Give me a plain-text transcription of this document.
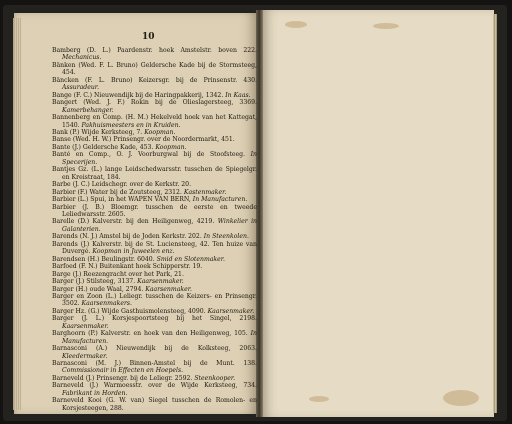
10
Bamberg (D. L.) Paardenstr. hoek Amstelstr. boven 222. Mechanicus.
Bänken (Wed. F. L. Bruno) Geldersche Kade bij de Stormsteeg, 454.
Bäncken (F. L. Bruno) Keizersgr. bij de Prinsenstr. 430. Assuradeur.
Bange (F. C.) Nieuwendijk bij de Haringpakkerij, 1342. In Kaas.
Bangert (Wed. J. F.) Rokin bij de Olieslagersteeg, 3369. Kamerbehanger.
Bannenberg en Comp. (H. M.) Hekelveld hoek van het Kattegat, 1540. Pakhuismeesters en in Kruiden.
Bank (P.) Wijde Kerksteeg, 7. Koopman.
Banse (Wed. H. W.) Prinsengr. over de Noordermarkt, 451.
Bante (J.) Geldersche Kade, 453. Koopman.
Banté en Comp., O. J. Voorburgwal bij de Stoofsteeg. In Specerijen.
Bantjes Gz. (L.) lange Leidschedwarsstr. tusschen de Spiegelgr. en Kreistraat, 184.
Barbe (J. C.) Leidschegr. over de Kerkstr. 20.
Barbier (F.) Water bij de Zoutsteeg, 2312. Kastenmaker.
Barbier (L.) Spui, in het WAPEN VAN BERN, In Manufacturen.
Barbier (J. B.) Bloemgr. tusschen de eerste en tweede Leliedwarsstr. 2605.
Barelle (D.) Kalverstr. bij den Heiligenweg, 4219. Winkelier in Galanterien.
Barends (N. J.) Amstel bij de Joden Kerkstr. 202. In Steenkolen.
Barends (J.) Kalverstr. bij de St. Luciensteeg, 42. Ten huize van Duvergé. Koopman in Juweelen enz.
Barendsen (H.) Beulingstr. 6040. Smid en Slotenmaker.
Barfoed (F. N.) Buitenkant hoek Schipperstr. 19.
Barge (J.) Reezengracht over het Park, 21.
Barger (J.) Stilsteeg, 3137. Kaarsenmaker.
Barger (H.) oude Waal, 2794. Kaarsenmaker.
Barger en Zoon (L.) Leliegr. tusschen de Keizers- en Prinsengr. 3502. Kaarsenmakers.
Barger Hz. (G.) Wijde Gasthuismolensteeg, 4090. Kaarsenmaker.
Barger (J. L.) Korsjespoortsteeg bij het Singel, 2198. Kaarsenmaker.
Barghoorn (P.) Kalverstr. en hoek van den Heiligenweg, 105. In Manufacturen.
Barnasconi (A.) Nieuwendijk bij de Kolksteeg, 2063. Kleedermaker.
Barnasconi (M. J.) Binnen-Amstel bij de Munt. 138. Commissionair in Effecten en Hoepels.
Barneveld (J.) Prinsengr. bij de Leliegr. 2592. Steenkooper.
Barneveld (J.) Warmoesstr. over de Wijde Kerksteeg, 734. Fabrikant in Horden.
Barneveld Kooi (G. W. van) Siegel tusschen de Romolen- en Korsjesteegen, 288.
